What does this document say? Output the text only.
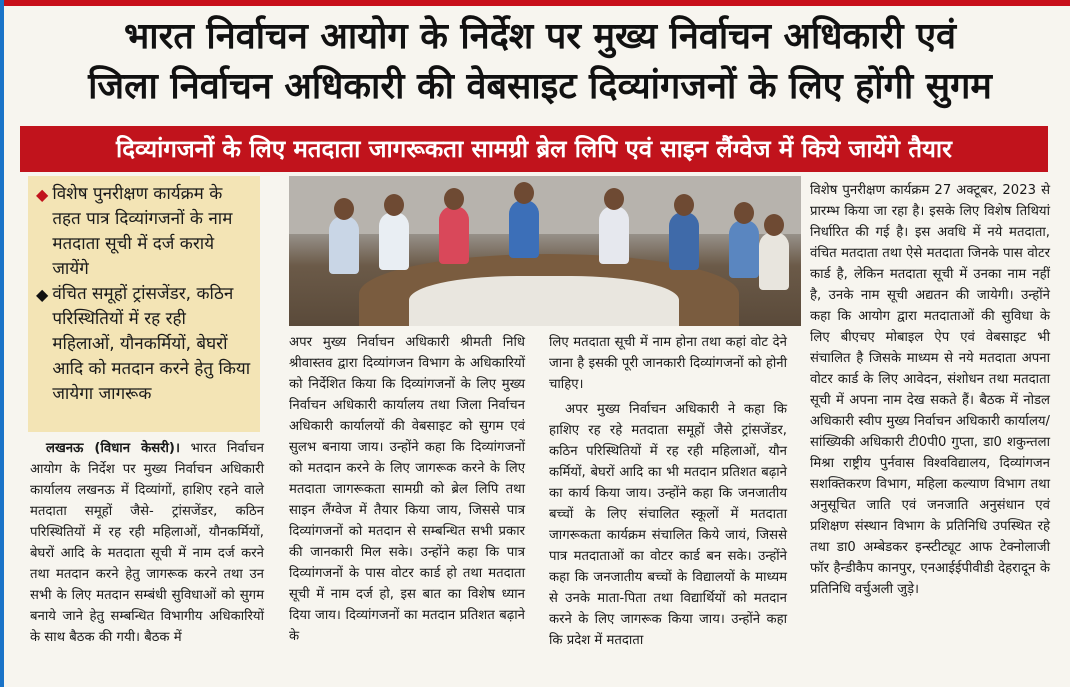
भारत निर्वाचन आयोग के निर्देश पर मुख्य निर्वाचन अधिकारी एवं
जिला निर्वाचन अधिकारी की वेबसाइट दिव्यांगजनों के लिए होंगी सुगम
दिव्यांगजनों के लिए मतदाता जागरूकता सामग्री ब्रेल लिपि एवं साइन लैंग्वेज में किये जायेंगे तैयार
◆ विशेष पुनरीक्षण कार्यक्रम के तहत पात्र दिव्यांगजनों के नाम मतदाता सूची में दर्ज कराये जायेंगे
◆ वंचित समूहों ट्रांसजेंडर, कठिन परिस्थितियों में रह रही महिलाओं, यौनकर्मियों, बेघरों आदि को मतदान करने हेतु किया जायेगा जागरूक
लखनऊ (विधान केसरी)। भारत निर्वाचन आयोग के निर्देश पर मुख्य निर्वाचन अधिकारी कार्यालय लखनऊ में दिव्यांगों, हाशिए रहने वाले मतदाता समूहों जैसे- ट्रांसजेंडर, कठिन परिस्थितियों में रह रही महिलाओं, यौनकर्मियों, बेघरों आदि के मतदाता सूची में नाम दर्ज करने तथा मतदान करने हेतु जागरूक करने तथा उन सभी के लिए मतदान सम्बंधी सुविधाओं को सुगम बनाये जाने हेतु सम्बन्धित विभागीय अधिकारियों के साथ बैठक की गयी। बैठक में
अपर मुख्य निर्वाचन अधिकारी श्रीमती निधि श्रीवास्तव द्वारा दिव्यांगजन विभाग के अधिकारियों को निर्देशित किया कि दिव्यांगजनों के लिए मुख्य निर्वाचन अधिकारी कार्यालय तथा जिला निर्वाचन अधिकारी कार्यालयों की वेबसाइट को सुगम एवं सुलभ बनाया जाय। उन्होंने कहा कि दिव्यांगजनों को मतदान करने के लिए जागरूक करने के लिए मतदाता जागरूकता सामग्री को ब्रेल लिपि तथा साइन लैंग्वेज में तैयार किया जाय, जिससे पात्र दिव्यांगजनों को मतदान से सम्बन्धित सभी प्रकार की जानकारी मिल सके। उन्होंने कहा कि पात्र दिव्यांगजनों के पास वोटर कार्ड हो तथा मतदाता सूची में नाम दर्ज हो, इस बात का विशेष ध्यान दिया जाय। दिव्यांगजनों का मतदान प्रतिशत बढ़ाने के
लिए मतदाता सूची में नाम होना तथा कहां वोट देने जाना है इसकी पूरी जानकारी दिव्यांगजनों को होनी चाहिए।
अपर मुख्य निर्वाचन अधिकारी ने कहा कि हाशिए रह रहे मतदाता समूहों जैसे ट्रांसजेंडर, कठिन परिस्थितियों में रह रही महिलाओं, यौन कर्मियों, बेघरों आदि का भी मतदान प्रतिशत बढ़ाने का कार्य किया जाय। उन्होंने कहा कि जनजातीय बच्चों के लिए संचालित स्कूलों में मतदाता जागरूकता कार्यक्रम संचालित किये जायं, जिससे पात्र मतदाताओं का वोटर कार्ड बन सके। उन्होंने कहा कि जनजातीय बच्चों के विद्यालयों के माध्यम से उनके माता-पिता तथा विद्यार्थियों को मतदान करने के लिए जागरूक किया जाय। उन्होंने कहा कि प्रदेश में मतदाता
विशेष पुनरीक्षण कार्यक्रम 27 अक्टूबर, 2023 से प्रारम्भ किया जा रहा है। इसके लिए विशेष तिथियां निर्धारित की गई है। इस अवधि में नये मतदाता, वंचित मतदाता तथा ऐसे मतदाता जिनके पास वोटर कार्ड है, लेकिन मतदाता सूची में उनका नाम नहीं है, उनके नाम सूची अद्यतन की जायेगी। उन्होंने कहा कि आयोग द्वारा मतदाताओं की सुविधा के लिए बीएचए मोबाइल ऐप एवं वेबसाइट भी संचालित है जिसके माध्यम से नये मतदाता अपना वोटर कार्ड के लिए आवेदन, संशोधन तथा मतदाता सूची में अपना नाम देख सकते हैं। बैठक में नोडल अधिकारी स्वीप मुख्य निर्वाचन अधिकारी कार्यालय/सांख्यिकी अधिकारी टी0पी0 गुप्ता, डा0 शकुन्तला मिश्रा राष्ट्रीय पुर्नवास विश्वविद्यालय, दिव्यांगजन सशक्तिकरण विभाग, महिला कल्याण विभाग तथा अनुसूचित जाति एवं जनजाति अनुसंधान एवं प्रशिक्षण संस्थान विभाग के प्रतिनिधि उपस्थित रहे तथा डा0 अम्बेडकर इन्स्टीट्यूट आफ टेक्नोलाजी फॉर हैन्डीकैप कानपुर, एनआईईपीवीडी देहरादून के प्रतिनिधि वर्चुअली जुड़े।
